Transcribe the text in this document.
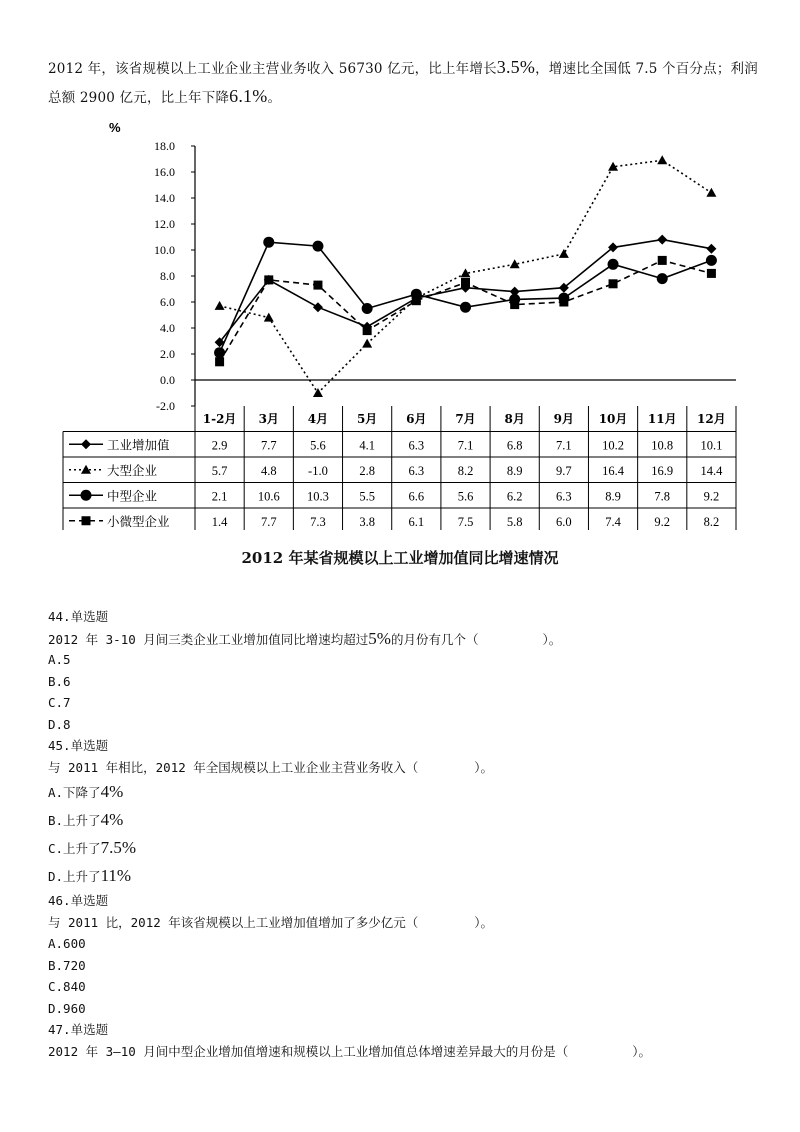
2012 年，该省规模以上工业企业主营业务收入 56730 亿元，比上年增长3.5%，增速比全国低 7.5 个百分点；利润
总额 2900 亿元，比上年下降6.1%。
%
18.0
16.0
14.0
12.0
10.0
8.0
6.0
4.0
2.0
0.0
-2.0
1-2月 3月 4月 5月 6月 7月 8月 9月 10月 11月 12月
工业增加值	2.9	7.7	5.6	4.1	6.3	7.1	6.8	7.1 10.2 10.8 10.1
大型企业	5.7	4.8	-1.0	2.8	6.3	8.2	8.9	9.7 16.4 16.9 14.4
中型企业	2.1 10.6 10.3 5.5	6.6	5.6	6.2	6.3	8.9	7.8	9.2
小微型企业	1.4	7.7	7.3	3.8	6.1	7.5	5.8	6.0	7.4	9.2	8.2
2012 年某省规模以上工业增加值同比增速情况
44.单选题
2012 年 3-10 月间三类企业工业增加值同比增速均超过5%的月份有几个（	）。
A.5
B.6
C.7
D.8
45.单选题
与 2011 年相比，2012 年全国规模以上工业企业主营业务收入（	）。
A.下降了4%
B.上升了4%
C.上升了7.5%
D.上升了11%
46.单选题
与 2011 比，2012 年该省规模以上工业增加值增加了多少亿元（	）。
A.600
B.720
C.840
D.960
47.单选题
2012 年 3—10 月间中型企业增加值增速和规模以上工业增加值总体增速差异最大的月份是（	）。
